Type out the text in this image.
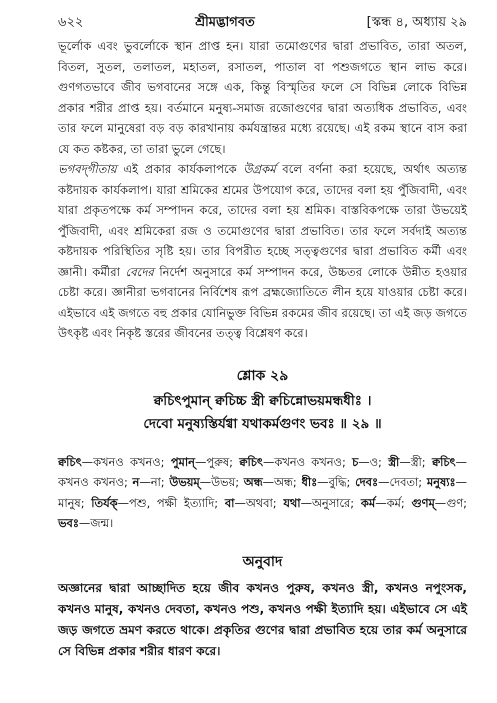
৬২২	শ্রীমদ্ভাগবত	[স্কন্ধ ৪, অধ্যায় ২৯

ভূর্লোক এবং ভুবর্লোকে স্থান প্রাপ্ত হন। যারা তমোগুণের দ্বারা প্রভাবিত, তারা অতল, বিতল, সুতল, তলাতল, মহাতল, রসাতল, পাতাল বা পশুজগতে স্থান লাভ করে। গুণগতভাবে জীব ভগবানের সঙ্গে এক, কিন্তু বিস্মৃতির ফলে সে বিভিন্ন লোকে বিভিন্ন প্রকার শরীর প্রাপ্ত হয়। বর্তমানে মনুষ্য-সমাজ রজোগুণের দ্বারা অত্যধিক প্রভাবিত, এবং তার ফলে মানুষেরা বড় বড় কারখানায় কর্মযন্ত্রান্তর মধ্যে রয়েছে। এই রকম স্থানে বাস করা যে কত কষ্টকর, তা তারা ভুলে গেছে।

ভগবদ্‌গীতায় এই প্রকার কার্যকলাপকে উগ্রকর্ম বলে বর্ণনা করা হয়েছে, অর্থাৎ অত্যন্ত কষ্টদায়ক কার্যকলাপ। যারা শ্রমিকের শ্রমের উপযোগ করে, তাদের বলা হয় পুঁজিবাদী, এবং যারা প্রকৃতপক্ষে কর্ম সম্পাদন করে, তাদের বলা হয় শ্রমিক। বাস্তবিকপক্ষে তারা উভয়েই পুঁজিবাদী, এবং শ্রমিকেরা রজ ও তমোগুণের দ্বারা প্রভাবিত। তার ফলে সর্বদাই অত্যন্ত কষ্টদায়ক পরিস্থিতির সৃষ্টি হয়। তার বিপরীত হচ্ছে সত্ত্বগুণের দ্বারা প্রভাবিত কর্মী এবং জ্ঞানী। কর্মীরা বেদের নির্দেশ অনুসারে কর্ম সম্পাদন করে, উচ্চতর লোকে উন্নীত হওয়ার চেষ্টা করে। জ্ঞানীরা ভগবানের নির্বিশেষ রূপ ব্রহ্মজ্যোতিতে লীন হয়ে যাওয়ার চেষ্টা করে। এইভাবে এই জগতে বহু প্রকার যোনিভুক্ত বিভিন্ন রকমের জীব রয়েছে। তা এই জড় জগতে উৎকৃষ্ট এবং নিকৃষ্ট স্তরের জীবনের তত্ত্ব বিশ্লেষণ করে।

শ্লোক ২৯
ক্বচিৎপুমান্ ক্বচিচ্চ স্ত্রী ক্বচিন্নোভয়মন্ধধীঃ ।
দেবো মনুষ্যস্তির্যগ্বা যথাকর্মগুণং ভবঃ ॥ ২৯ ॥
ক্বচিৎ—কখনও কখনও; পুমান্—পুরুষ; ক্বচিৎ—কখনও কখনও; চ—ও; স্ত্রী—স্ত্রী; ক্বচিৎ—কখনও কখনও; ন—না; উভয়ম্—উভয়; অন্ধ—অন্ধ; ধীঃ—বুদ্ধি; দেবঃ—দেবতা; মনুষ্যঃ—মানুষ; তির্যক্—পশু, পক্ষী ইত্যাদি; বা—অথবা; যথা—অনুসারে; কর্ম—কর্ম; গুণম্—গুণ; ভবঃ—জন্ম।
অনুবাদ
অজ্ঞানের দ্বারা আচ্ছাদিত হয়ে জীব কখনও পুরুষ, কখনও স্ত্রী, কখনও নপুংসক, কখনও মানুষ, কখনও দেবতা, কখনও পশু, কখনও পক্ষী ইত্যাদি হয়। এইভাবে সে এই জড় জগতে ভ্রমণ করতে থাকে। প্রকৃতির গুণের দ্বারা প্রভাবিত হয়ে তার কর্ম অনুসারে সে বিভিন্ন প্রকার শরীর ধারণ করে।
